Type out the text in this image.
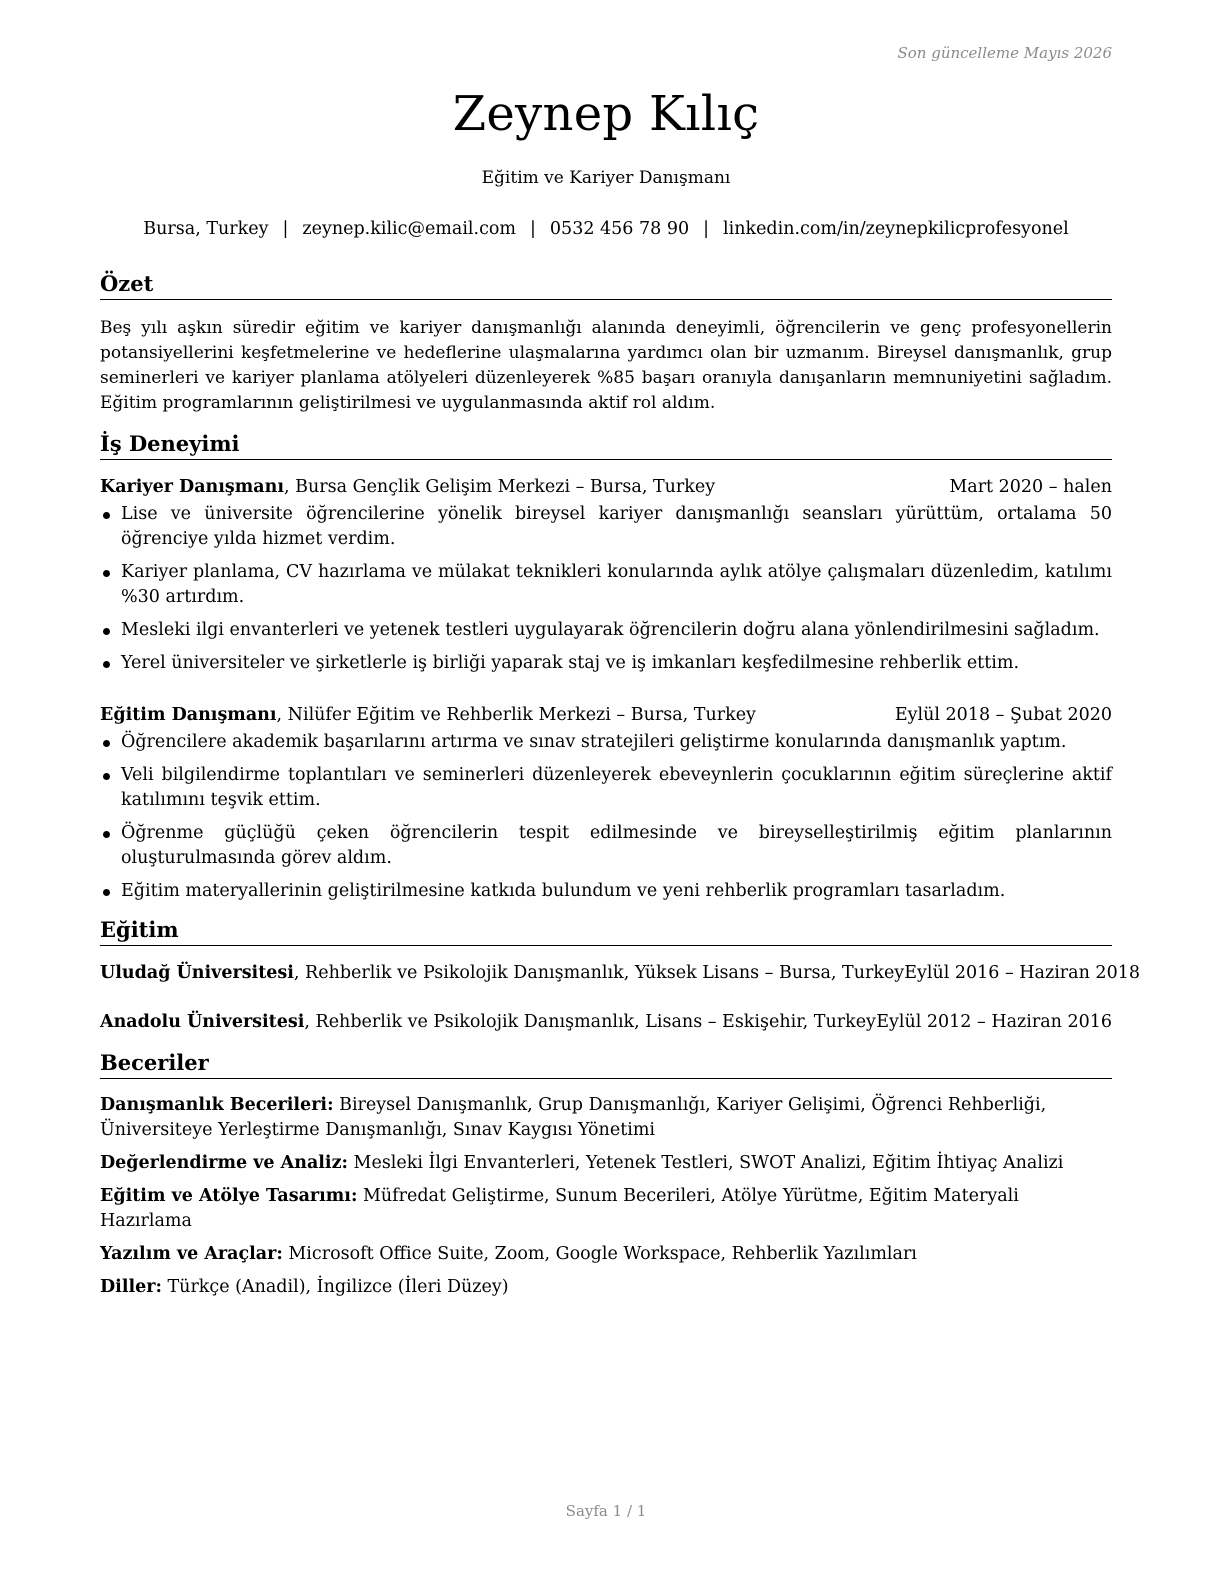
Son güncelleme Mayıs 2026
Zeynep Kılıç
Eğitim ve Kariyer Danışmanı
Bursa, Turkey | zeynep.kilic@email.com | 0532 456 78 90 | linkedin.com/in/zeynepkilicprofesyonel
Özet
Beş yılı aşkın süredir eğitim ve kariyer danışmanlığı alanında deneyimli, öğrencilerin ve genç profesyonellerin potansiyellerini keşfetmelerine ve hedeflerine ulaşmalarına yardımcı olan bir uzmanım. Bireysel danışmanlık, grup seminerleri ve kariyer planlama atölyeleri düzenleyerek %85 başarı oranıyla danışanların memnuniyetini sağladım. Eğitim programlarının geliştirilmesi ve uygulanmasında aktif rol aldım.
İş Deneyimi
Kariyer Danışmanı, Bursa Gençlik Gelişim Merkezi – Bursa, Turkey	Mart 2020 – halen
Lise ve üniversite öğrencilerine yönelik bireysel kariyer danışmanlığı seansları yürüttüm, ortalama 50 öğrenciye yılda hizmet verdim.
Kariyer planlama, CV hazırlama ve mülakat teknikleri konularında aylık atölye çalışmaları düzenledim, katılımı %30 artırdım.
Mesleki ilgi envanterleri ve yetenek testleri uygulayarak öğrencilerin doğru alana yönlendirilmesini sağladım.
Yerel üniversiteler ve şirketlerle iş birliği yaparak staj ve iş imkanları keşfedilmesine rehberlik ettim.
Eğitim Danışmanı, Nilüfer Eğitim ve Rehberlik Merkezi – Bursa, Turkey	Eylül 2018 – Şubat 2020
Öğrencilere akademik başarılarını artırma ve sınav stratejileri geliştirme konularında danışmanlık yaptım.
Veli bilgilendirme toplantıları ve seminerleri düzenleyerek ebeveynlerin çocuklarının eğitim süreçlerine aktif katılımını teşvik ettim.
Öğrenme güçlüğü çeken öğrencilerin tespit edilmesinde ve bireyselleştirilmiş eğitim planlarının oluşturulmasında görev aldım.
Eğitim materyallerinin geliştirilmesine katkıda bulundum ve yeni rehberlik programları tasarladım.
Eğitim
Uludağ Üniversitesi, Rehberlik ve Psikolojik Danışmanlık, Yüksek Lisans – Bursa, Turkey Eylül 2016 – Haziran 2018
Anadolu Üniversitesi, Rehberlik ve Psikolojik Danışmanlık, Lisans – Eskişehir, Turkey Eylül 2012 – Haziran 2016
Beceriler
Danışmanlık Becerileri: Bireysel Danışmanlık, Grup Danışmanlığı, Kariyer Gelişimi, Öğrenci Rehberliği, Üniversiteye Yerleştirme Danışmanlığı, Sınav Kaygısı Yönetimi
Değerlendirme ve Analiz: Mesleki İlgi Envanterleri, Yetenek Testleri, SWOT Analizi, Eğitim İhtiyaç Analizi
Eğitim ve Atölye Tasarımı: Müfredat Geliştirme, Sunum Becerileri, Atölye Yürütme, Eğitim Materyali Hazırlama
Yazılım ve Araçlar: Microsoft Office Suite, Zoom, Google Workspace, Rehberlik Yazılımları
Diller: Türkçe (Anadil), İngilizce (İleri Düzey)
Sayfa 1 / 1
